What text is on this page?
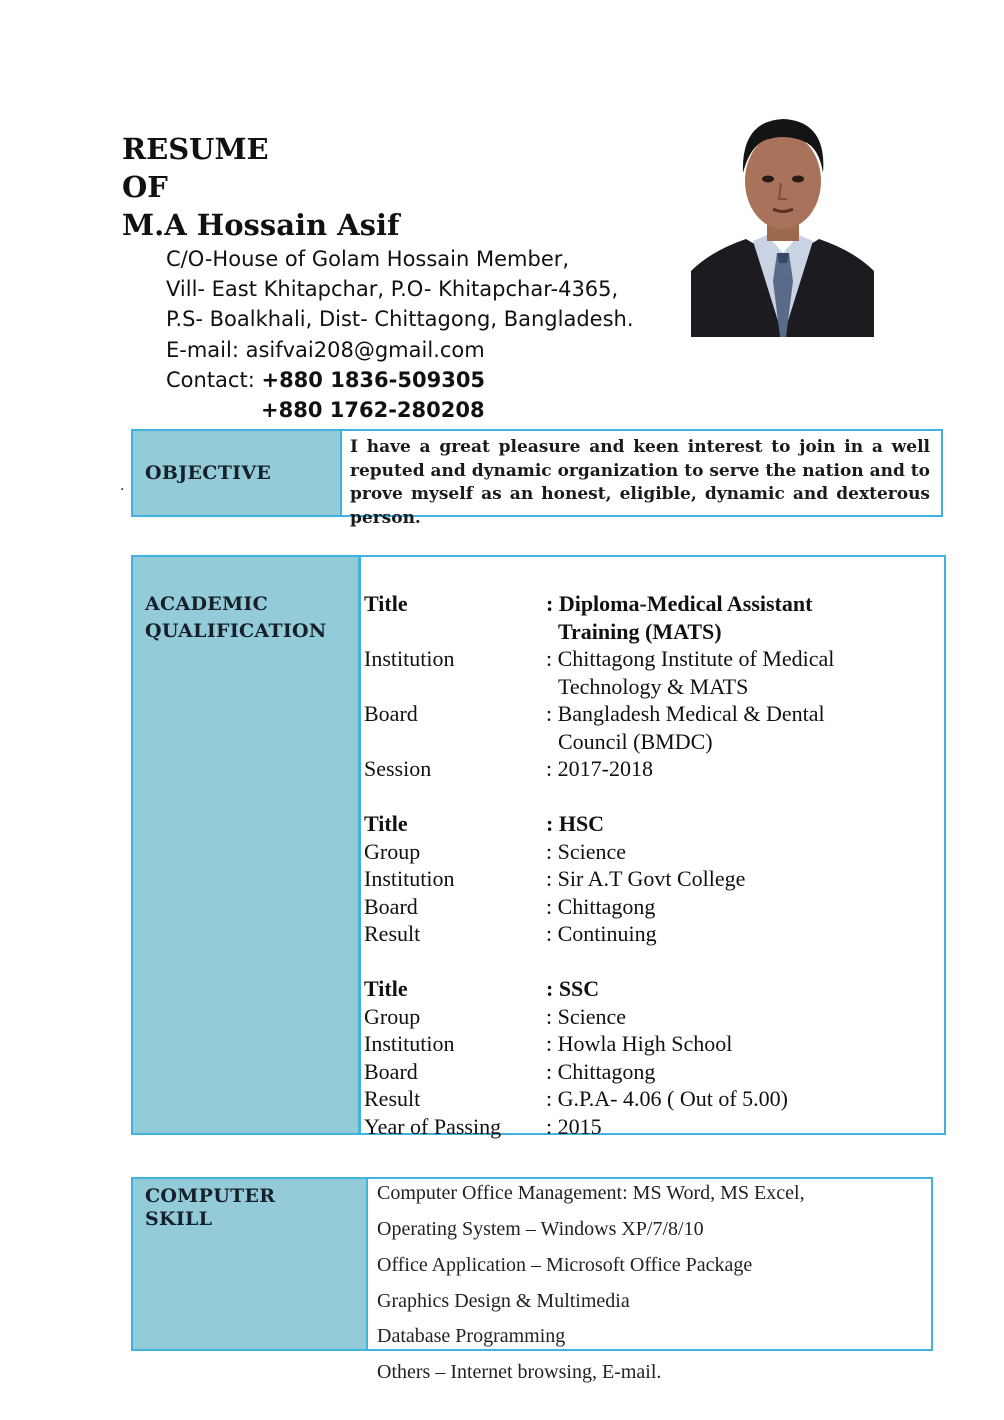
RESUME
OF
M.A Hossain Asif
C/O-House of Golam Hossain Member,
Vill- East Khitapchar, P.O- Khitapchar-4365,
P.S- Boalkhali, Dist- Chittagong, Bangladesh.
E-mail: asifvai208@gmail.com
Contact: +880 1836-509305
+880 1762-280208
OBJECTIVE
I have a great pleasure and keen interest to join in a well reputed and dynamic organization to serve the nation and to prove myself as an honest, eligible, dynamic and dexterous person.
.
ACADEMIC
QUALIFICATION
Title	: Diploma-Medical Assistant
Training (MATS)
Institution	: Chittagong Institute of Medical
Technology & MATS
Board	: Bangladesh Medical & Dental
Council (BMDC)
Session	: 2017-2018
Title	: HSC
Group	: Science
Institution	: Sir A.T Govt College
Board	: Chittagong
Result	: Continuing
Title	: SSC
Group	: Science
Institution	: Howla High School
Board	: Chittagong
Result	: G.P.A- 4.06 ( Out of 5.00)
Year of Passing : 2015
COMPUTER
SKILL
Computer Office Management: MS Word, MS Excel,
Operating System – Windows XP/7/8/10
Office Application – Microsoft Office Package
Graphics Design & Multimedia
Database Programming
Others – Internet browsing, E-mail.
